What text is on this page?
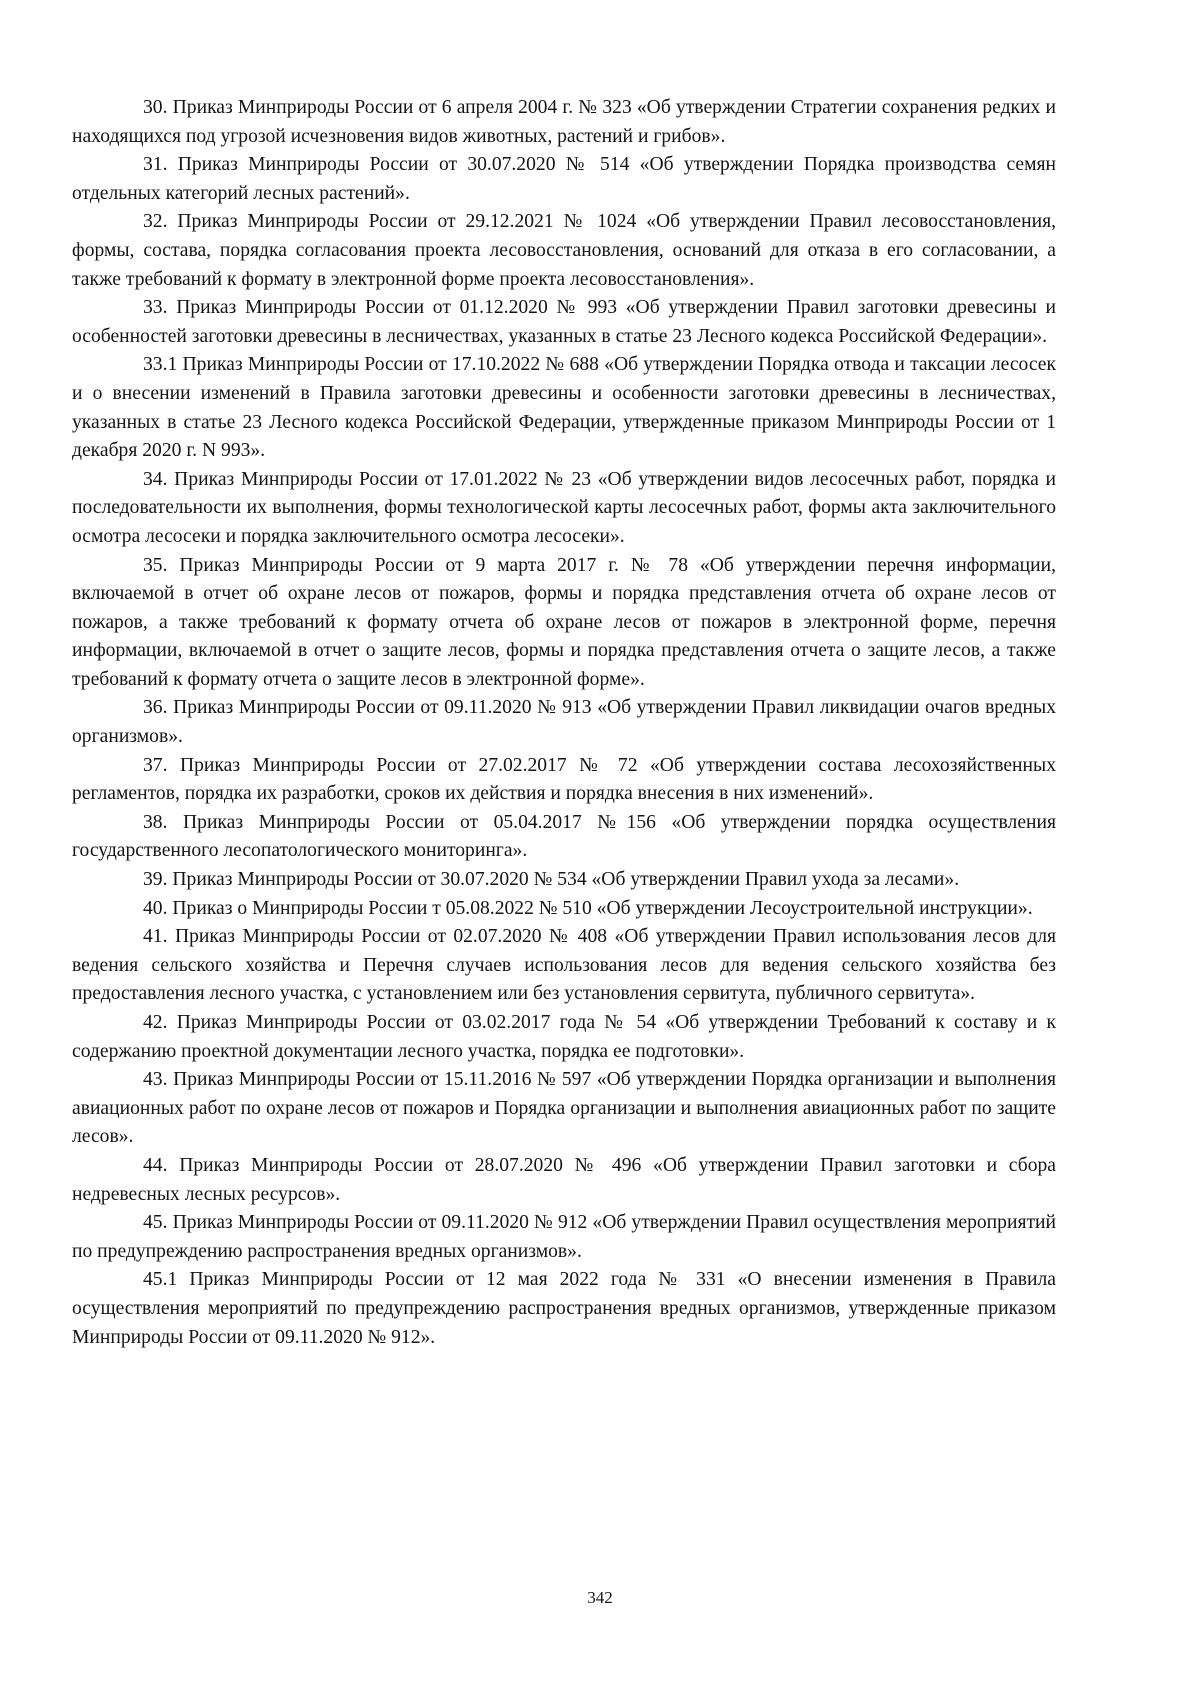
30. Приказ Минприроды России от 6 апреля 2004 г. № 323 «Об утверждении Стратегии сохранения редких и находящихся под угрозой исчезновения видов животных, растений и грибов».

31. Приказ Минприроды России от 30.07.2020 № 514 «Об утверждении Порядка производства семян отдельных категорий лесных растений».

32. Приказ Минприроды России от 29.12.2021 № 1024 «Об утверждении Правил лесовосстановления, формы, состава, порядка согласования проекта лесовосстановления, оснований для отказа в его согласовании, а также требований к формату в электронной форме проекта лесовосстановления».

33. Приказ Минприроды России от 01.12.2020 № 993 «Об утверждении Правил заготовки древесины и особенностей заготовки древесины в лесничествах, указанных в статье 23 Лесного кодекса Российской Федерации».

33.1 Приказ Минприроды России от 17.10.2022 № 688 «Об утверждении Порядка отвода и таксации лесосек и о внесении изменений в Правила заготовки древесины и особенности заготовки древесины в лесничествах, указанных в статье 23 Лесного кодекса Российской Федерации, утвержденные приказом Минприроды России от 1 декабря 2020 г. N 993».

34. Приказ Минприроды России от 17.01.2022 № 23 «Об утверждении видов лесосечных работ, порядка и последовательности их выполнения, формы технологической карты лесосечных работ, формы акта заключительного осмотра лесосеки и порядка заключительного осмотра лесосеки».

35. Приказ Минприроды России от 9 марта 2017 г. № 78 «Об утверждении перечня информации, включаемой в отчет об охране лесов от пожаров, формы и порядка представления отчета об охране лесов от пожаров, а также требований к формату отчета об охране лесов от пожаров в электронной форме, перечня информации, включаемой в отчет о защите лесов, формы и порядка представления отчета о защите лесов, а также требований к формату отчета о защите лесов в электронной форме».

36. Приказ Минприроды России от 09.11.2020 № 913 «Об утверждении Правил ликвидации очагов вредных организмов».

37. Приказ Минприроды России от 27.02.2017 № 72 «Об утверждении состава лесохозяйственных регламентов, порядка их разработки, сроков их действия и порядка внесения в них изменений».

38. Приказ Минприроды России от 05.04.2017 №156 «Об утверждении порядка осуществления государственного лесопатологического мониторинга».

39. Приказ Минприроды России от 30.07.2020 № 534 «Об утверждении Правил ухода за лесами».

40. Приказ о Минприроды России т 05.08.2022 № 510 «Об утверждении Лесоустроительной инструкции».

41. Приказ Минприроды России от 02.07.2020 № 408 «Об утверждении Правил использования лесов для ведения сельского хозяйства и Перечня случаев использования лесов для ведения сельского хозяйства без предоставления лесного участка, с установлением или без установления сервитута, публичного сервитута».

42. Приказ Минприроды России от 03.02.2017 года № 54 «Об утверждении Требований к составу и к содержанию проектной документации лесного участка, порядка ее подготовки».

43. Приказ Минприроды России от 15.11.2016 № 597 «Об утверждении Порядка организации и выполнения авиационных работ по охране лесов от пожаров и Порядка организации и выполнения авиационных работ по защите лесов».

44. Приказ Минприроды России от 28.07.2020 № 496 «Об утверждении Правил заготовки и сбора недревесных лесных ресурсов».

45. Приказ Минприроды России от 09.11.2020 № 912 «Об утверждении Правил осуществления мероприятий по предупреждению распространения вредных организмов».

45.1 Приказ Минприроды России от 12 мая 2022 года № 331 «О внесении изменения в Правила осуществления мероприятий по предупреждению распространения вредных организмов, утвержденные приказом Минприроды России от 09.11.2020 № 912».

342
